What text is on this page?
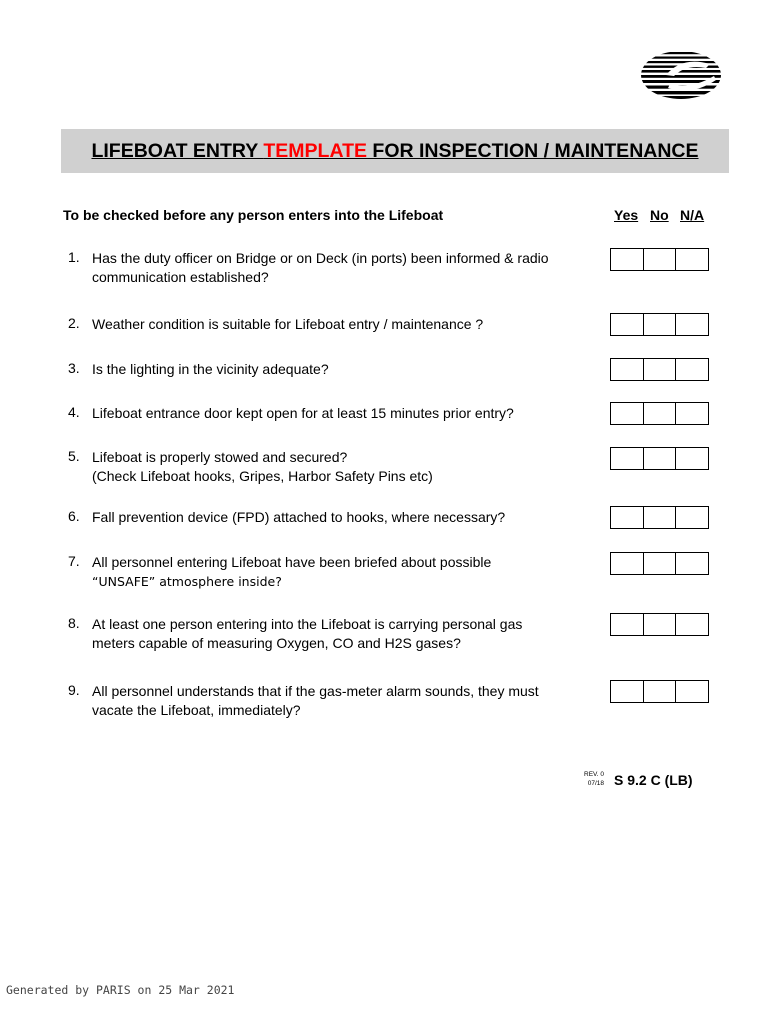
LIFEBOAT ENTRY TEMPLATE FOR INSPECTION / MAINTENANCE
To be checked before any person enters into the Lifeboat	Yes No N/A
1. Has the duty officer on Bridge or on Deck (in ports) been informed & radio
communication established?
2. Weather condition is suitable for Lifeboat entry / maintenance ?
3. Is the lighting in the vicinity adequate?
4. Lifeboat entrance door kept open for at least 15 minutes prior entry?
5. Lifeboat is properly stowed and secured?
(Check Lifeboat hooks, Gripes, Harbor Safety Pins etc)
6. Fall prevention device (FPD) attached to hooks, where necessary?
7. All personnel entering Lifeboat have been briefed about possible
“UNSAFE” atmosphere inside?
8. At least one person entering into the Lifeboat is carrying personal gas
meters capable of measuring Oxygen, CO and H2S gases?
9. All personnel understands that if the gas-meter alarm sounds, they must
vacate the Lifeboat, immediately?
REV. 0
07/18 S 9.2 C (LB)
Generated by PARIS on 25 Mar 2021
